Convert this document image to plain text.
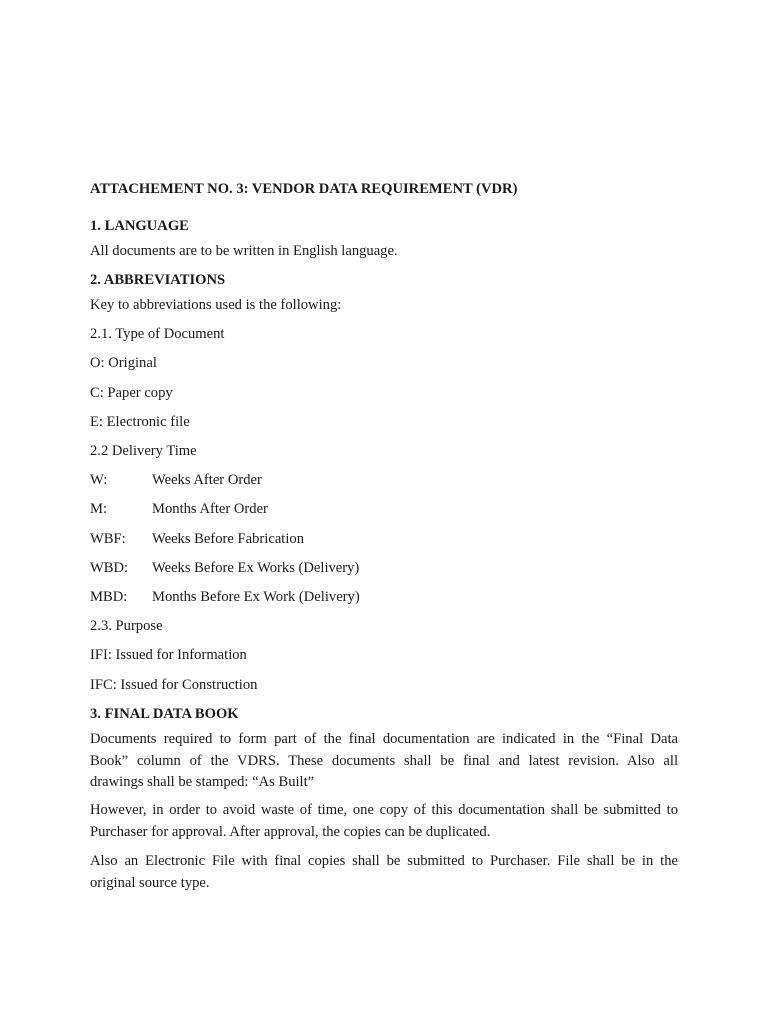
ATTACHEMENT NO. 3: VENDOR DATA REQUIREMENT (VDR)
1. LANGUAGE
All documents are to be written in English language.
2. ABBREVIATIONS
Key to abbreviations used is the following:
2.1. Type of Document
O: Original
C: Paper copy
E: Electronic file
2.2 Delivery Time
W:	Weeks After Order
M:	Months After Order
WBF: Weeks Before Fabrication
WBD: Weeks Before Ex Works (Delivery)
MBD: Months Before Ex Work (Delivery)
2.3. Purpose
IFI: Issued for Information
IFC: Issued for Construction
3. FINAL DATA BOOK
Documents required to form part of the final documentation are indicated in the “Final Data
Book” column of the VDRS. These documents shall be final and latest revision. Also all
drawings shall be stamped: “As Built”
However, in order to avoid waste of time, one copy of this documentation shall be submitted to
Purchaser for approval. After approval, the copies can be duplicated.
Also an Electronic File with final copies shall be submitted to Purchaser. File shall be in the
original source type.
